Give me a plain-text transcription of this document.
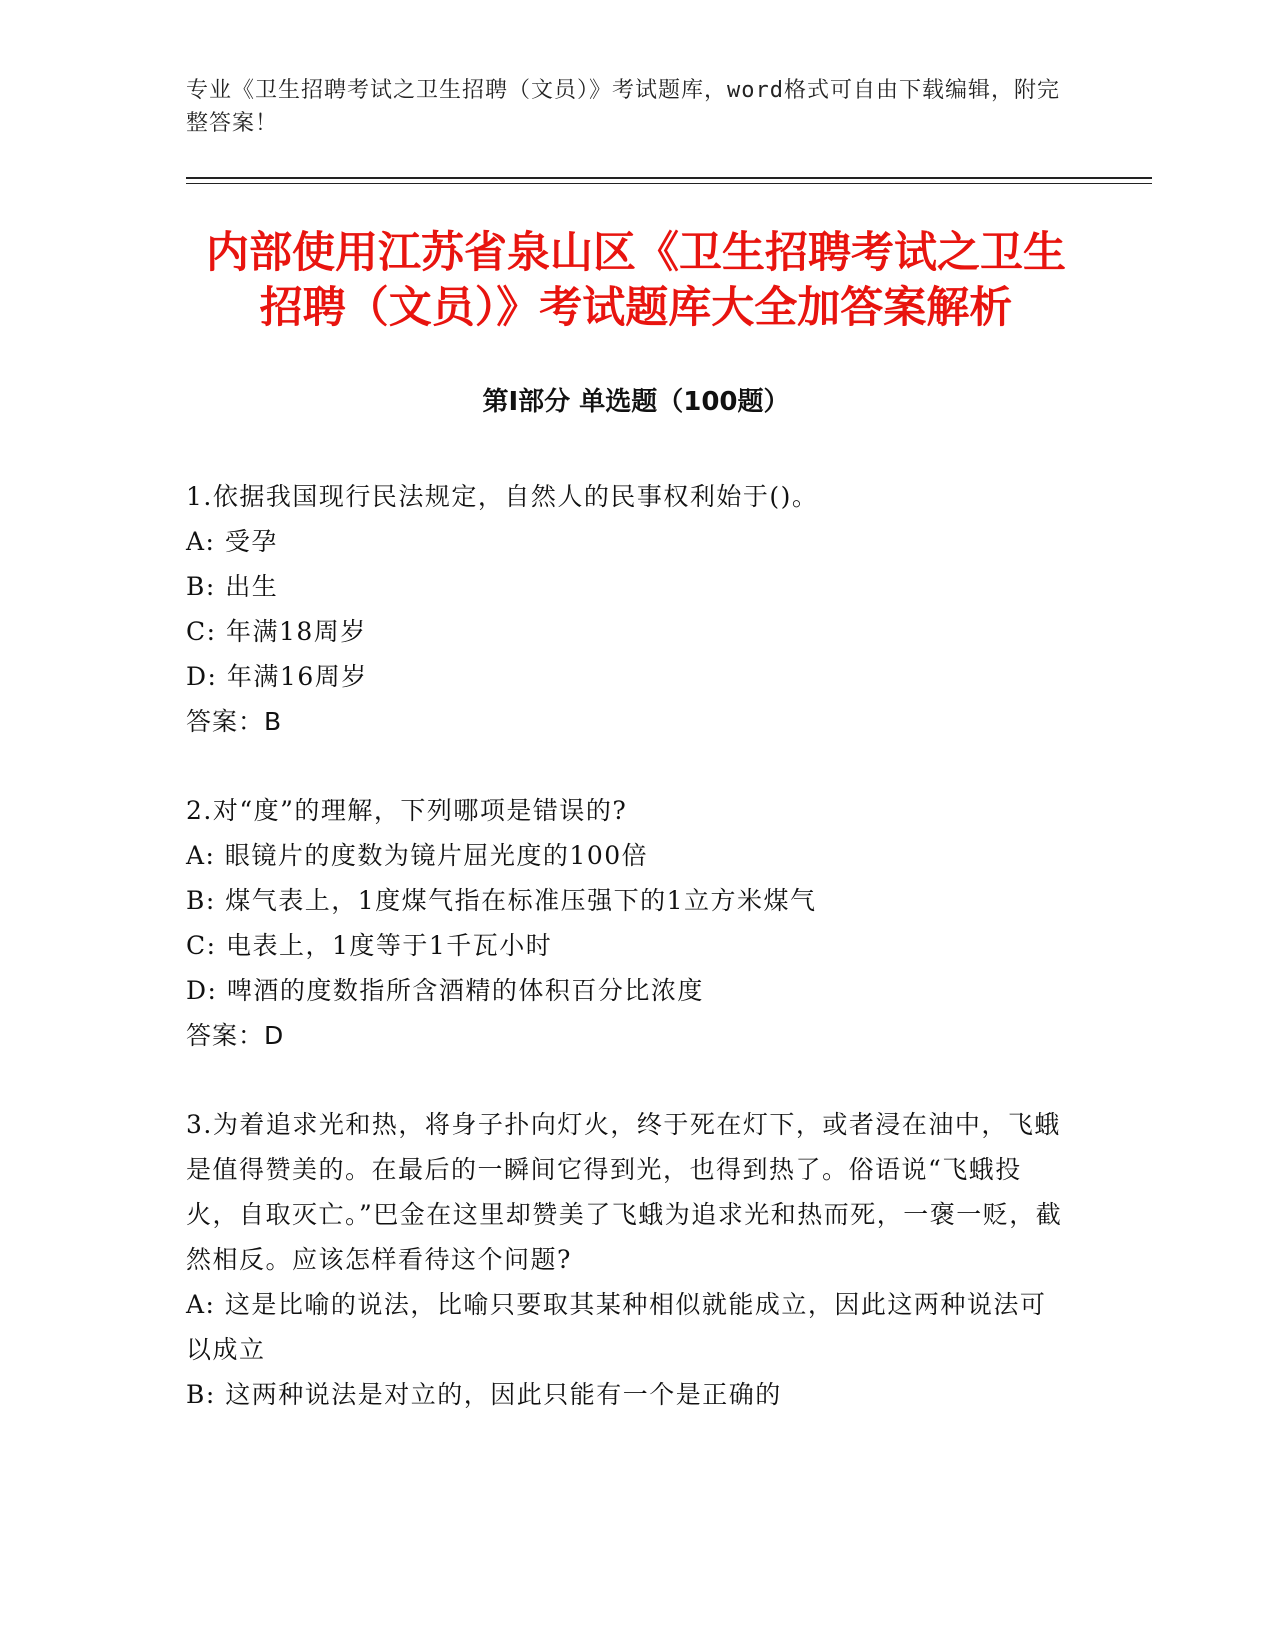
专业《卫生招聘考试之卫生招聘（文员）》考试题库，word格式可自由下载编辑，附完整答案！
内部使用江苏省泉山区《卫生招聘考试之卫生招聘（文员）》考试题库大全加答案解析
第Ⅰ部分 单选题（100题）
1.依据我国现行民法规定，自然人的民事权利始于()。
A: 受孕
B: 出生
C: 年满18周岁
D: 年满16周岁
答案：B
2.对“度”的理解，下列哪项是错误的?
A: 眼镜片的度数为镜片屈光度的100倍
B: 煤气表上，1度煤气指在标准压强下的1立方米煤气
C: 电表上，1度等于1千瓦小时
D: 啤酒的度数指所含酒精的体积百分比浓度
答案：D
3.为着追求光和热，将身子扑向灯火，终于死在灯下，或者浸在油中，飞蛾是值得赞美的。在最后的一瞬间它得到光，也得到热了。俗语说“飞蛾投火，自取灭亡。”巴金在这里却赞美了飞蛾为追求光和热而死，一褒一贬，截然相反。应该怎样看待这个问题?
A: 这是比喻的说法，比喻只要取其某种相似就能成立，因此这两种说法可以成立
B: 这两种说法是对立的，因此只能有一个是正确的
